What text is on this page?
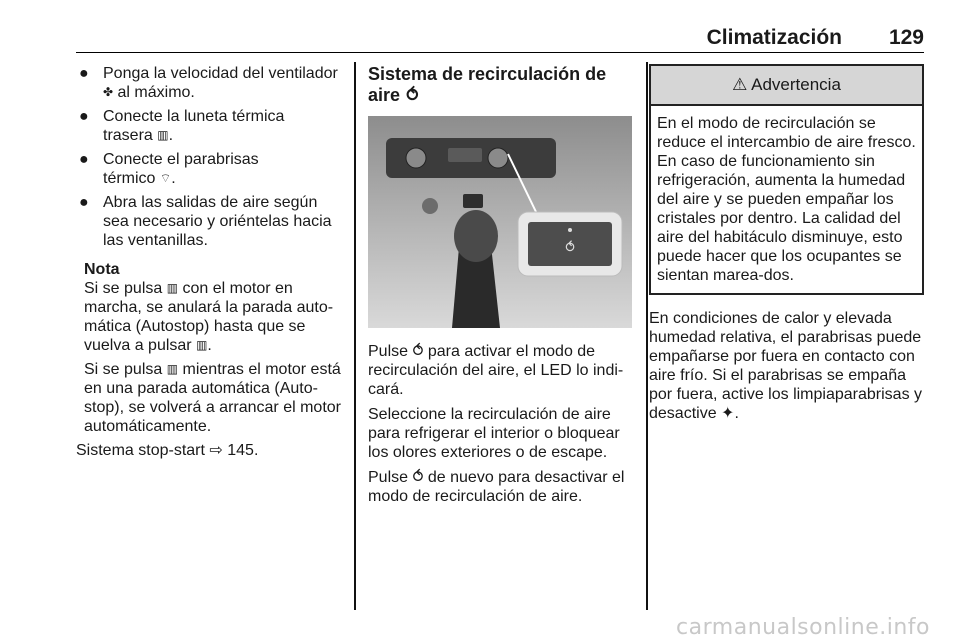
Climatización 129
● Ponga la velocidad del ventilador
✤ al máximo.
● Conecte la luneta térmica
trasera ▥.
● Conecte el parabrisas
térmico ⌔.
● Abra las salidas de aire según sea necesario y oriéntelas hacia las ventanillas.
Nota

Si se pulsa ▥ con el motor en marcha, se anulará la parada auto-mática (Autostop) hasta que se vuelva a pulsar ▥.

Si se pulsa ▥ mientras el motor está en una parada automática (Auto-stop), se volverá a arrancar el motor automáticamente.

Sistema stop-start ⇨ 145.

Sistema de recirculación de
aire ⥀
⥀

Pulse ⥀ para activar el modo de recirculación del aire, el LED lo indi-cará.

Seleccione la recirculación de aire para refrigerar el interior o bloquear los olores exteriores o de escape.

Pulse ⥀ de nuevo para desactivar el modo de recirculación de aire.

⚠ Advertencia
En el modo de recirculación se reduce el intercambio de aire fresco. En caso de funcionamiento sin refrigeración, aumenta la humedad del aire y se pueden empañar los cristales por dentro. La calidad del aire del habitáculo disminuye, esto puede hacer que los ocupantes se sientan marea-dos.

En condiciones de calor y elevada humedad relativa, el parabrisas puede empañarse por fuera en contacto con aire frío. Si el parabrisas se empaña por fuera, active los limpiaparabrisas y desactive ✦.

carmanualsonline.info
